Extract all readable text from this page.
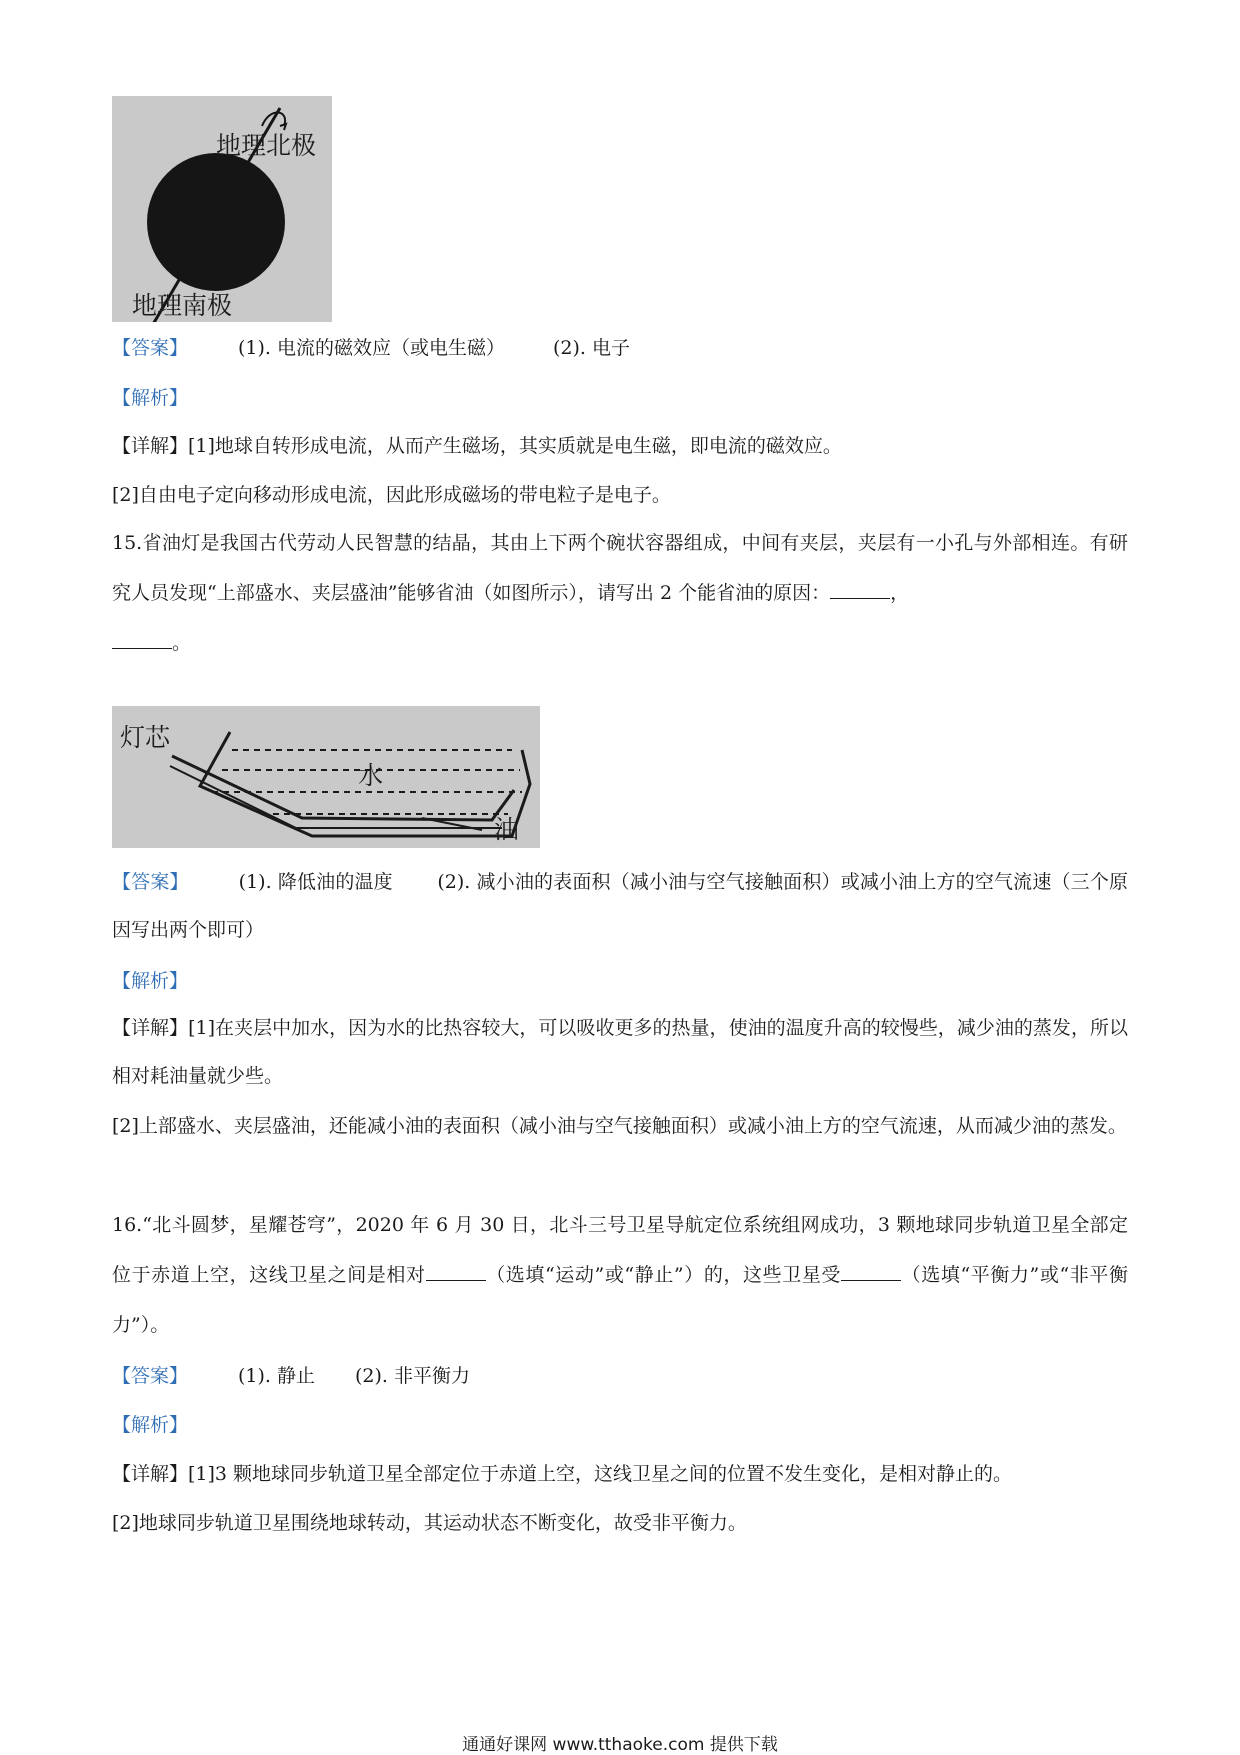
地理北极
地理南极
【答案】	(1). 电流的磁效应（或电生磁）	(2). 电子
【解析】
【详解】[1]地球自转形成电流，从而产生磁场，其实质就是电生磁，即电流的磁效应。
[2]自由电子定向移动形成电流，因此形成磁场的带电粒子是电子。
15.省油灯是我国古代劳动人民智慧的结晶，其由上下两个碗状容器组成，中间有夹层，夹层有一小孔与外部相连。有研究人员发现“上部盛水、夹层盛油”能够省油（如图所示），请写出 2 个能省油的原因：	，
。
灯芯
水
油
【答案】	(1). 降低油的温度 　　(2). 减小油的表面积（减小油与空气接触面积）或减小油上方的空气流速（三个原因写出两个即可）
【解析】
【详解】[1]在夹层中加水，因为水的比热容较大，可以吸收更多的热量，使油的温度升高的较慢些，减少油的蒸发，所以相对耗油量就少些。
[2]上部盛水、夹层盛油，还能减小油的表面积（减小油与空气接触面积）或减小油上方的空气流速，从而减少油的蒸发。
16.“北斗圆梦，星耀苍穹”，2020 年 6 月 30 日，北斗三号卫星导航定位系统组网成功，3 颗地球同步轨道卫星全部定位于赤道上空，这线卫星之间是相对	（选填“运动”或“静止”）的，这些卫星受	（选填“平衡力”或“非平衡力”）。
【答案】	(1). 静止 (2). 非平衡力
【解析】
【详解】[1]3 颗地球同步轨道卫星全部定位于赤道上空，这线卫星之间的位置不发生变化，是相对静止的。
[2]地球同步轨道卫星围绕地球转动，其运动状态不断变化，故受非平衡力。
通通好课网 www.tthaoke.com 提供下载
